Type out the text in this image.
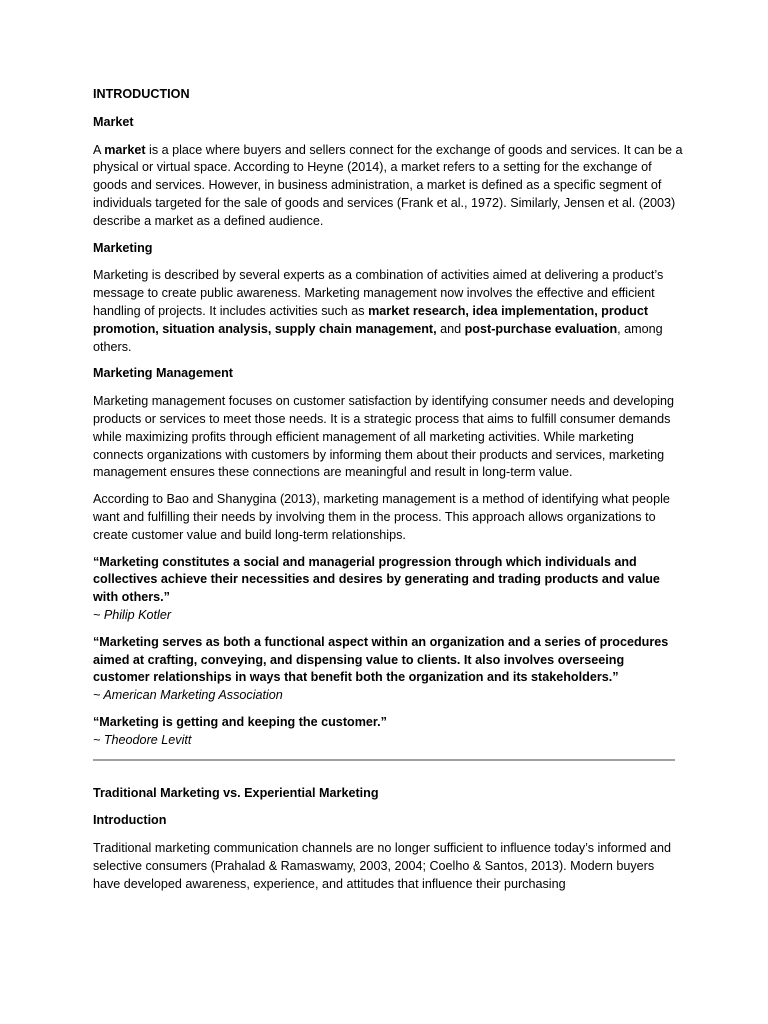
INTRODUCTION

Market

A market is a place where buyers and sellers connect for the exchange of goods and services. It can be a physical or virtual space. According to Heyne (2014), a market refers to a setting for the exchange of goods and services. However, in business administration, a market is defined as a specific segment of individuals targeted for the sale of goods and services (Frank et al., 1972). Similarly, Jensen et al. (2003) describe a market as a defined audience.

Marketing

Marketing is described by several experts as a combination of activities aimed at delivering a product’s message to create public awareness. Marketing management now involves the effective and efficient handling of projects. It includes activities such as market research, idea implementation, product promotion, situation analysis, supply chain management, and post-purchase evaluation, among others.

Marketing Management

Marketing management focuses on customer satisfaction by identifying consumer needs and developing products or services to meet those needs. It is a strategic process that aims to fulfill consumer demands while maximizing profits through efficient management of all marketing activities. While marketing connects organizations with customers by informing them about their products and services, marketing management ensures these connections are meaningful and result in long-term value.

According to Bao and Shanygina (2013), marketing management is a method of identifying what people want and fulfilling their needs by involving them in the process. This approach allows organizations to create customer value and build long-term relationships.

“Marketing constitutes a social and managerial progression through which individuals and collectives achieve their necessities and desires by generating and trading products and value with others.”

~ Philip Kotler

“Marketing serves as both a functional aspect within an organization and a series of procedures aimed at crafting, conveying, and dispensing value to clients. It also involves overseeing customer relationships in ways that benefit both the organization and its stakeholders.”

~ American Marketing Association

“Marketing is getting and keeping the customer.”

~ Theodore Levitt

Traditional Marketing vs. Experiential Marketing

Introduction

Traditional marketing communication channels are no longer sufficient to influence today’s informed and selective consumers (Prahalad & Ramaswamy, 2003, 2004; Coelho & Santos, 2013). Modern buyers have developed awareness, experience, and attitudes that influence their purchasing
